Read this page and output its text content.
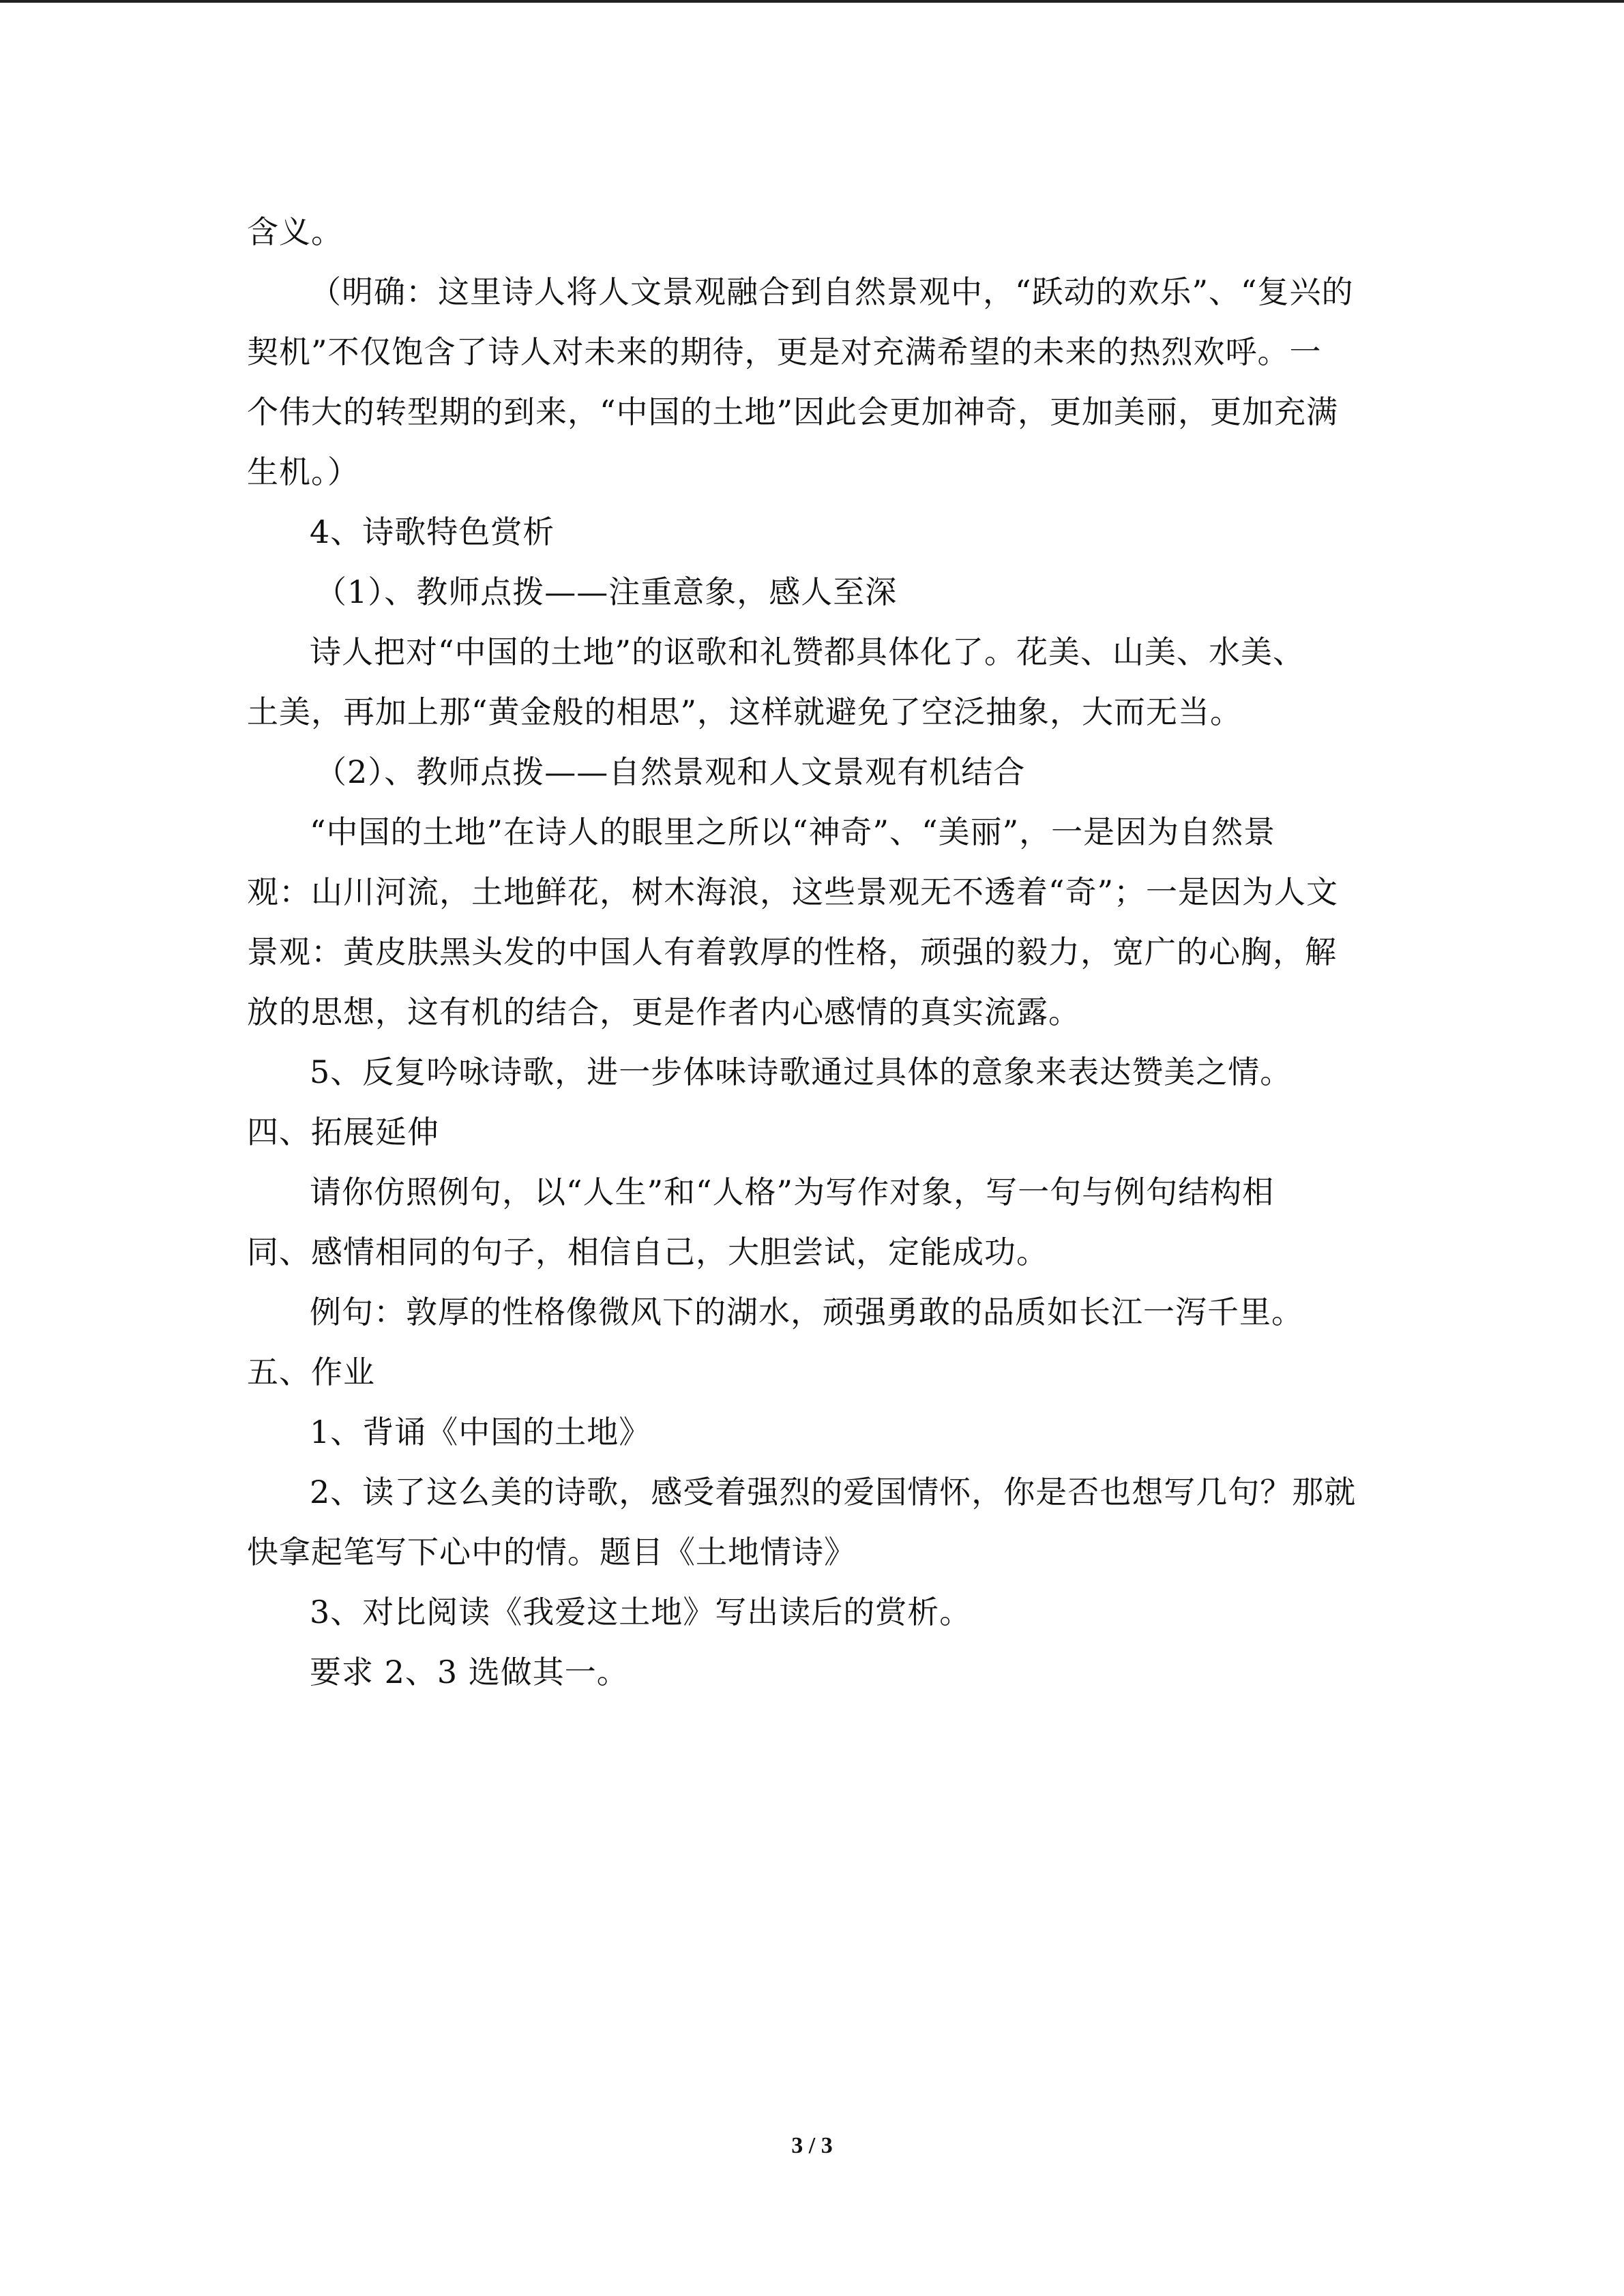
含义。
（明确：这里诗人将人文景观融合到自然景观中，“跃动的欢乐”、“复兴的
契机”不仅饱含了诗人对未来的期待，更是对充满希望的未来的热烈欢呼。一
个伟大的转型期的到来，“中国的土地”因此会更加神奇，更加美丽，更加充满
生机。）
4、诗歌特色赏析
（1）、教师点拨——注重意象，感人至深
诗人把对“中国的土地”的讴歌和礼赞都具体化了。花美、山美、水美、
土美，再加上那“黄金般的相思”，这样就避免了空泛抽象，大而无当。
（2）、教师点拨——自然景观和人文景观有机结合
“中国的土地”在诗人的眼里之所以“神奇”、“美丽”，一是因为自然景
观：山川河流，土地鲜花，树木海浪，这些景观无不透着“奇”；一是因为人文
景观：黄皮肤黑头发的中国人有着敦厚的性格，顽强的毅力，宽广的心胸，解
放的思想，这有机的结合，更是作者内心感情的真实流露。
5、反复吟咏诗歌，进一步体味诗歌通过具体的意象来表达赞美之情。
四、拓展延伸
请你仿照例句，以“人生”和“人格”为写作对象，写一句与例句结构相
同、感情相同的句子，相信自己，大胆尝试，定能成功。
例句：敦厚的性格像微风下的湖水，顽强勇敢的品质如长江一泻千里。
五、作业
1、背诵《中国的土地》
2、读了这么美的诗歌，感受着强烈的爱国情怀，你是否也想写几句？那就
快拿起笔写下心中的情。题目《土地情诗》
3、对比阅读《我爱这土地》写出读后的赏析。
要求 2、3 选做其一。
3 / 3
